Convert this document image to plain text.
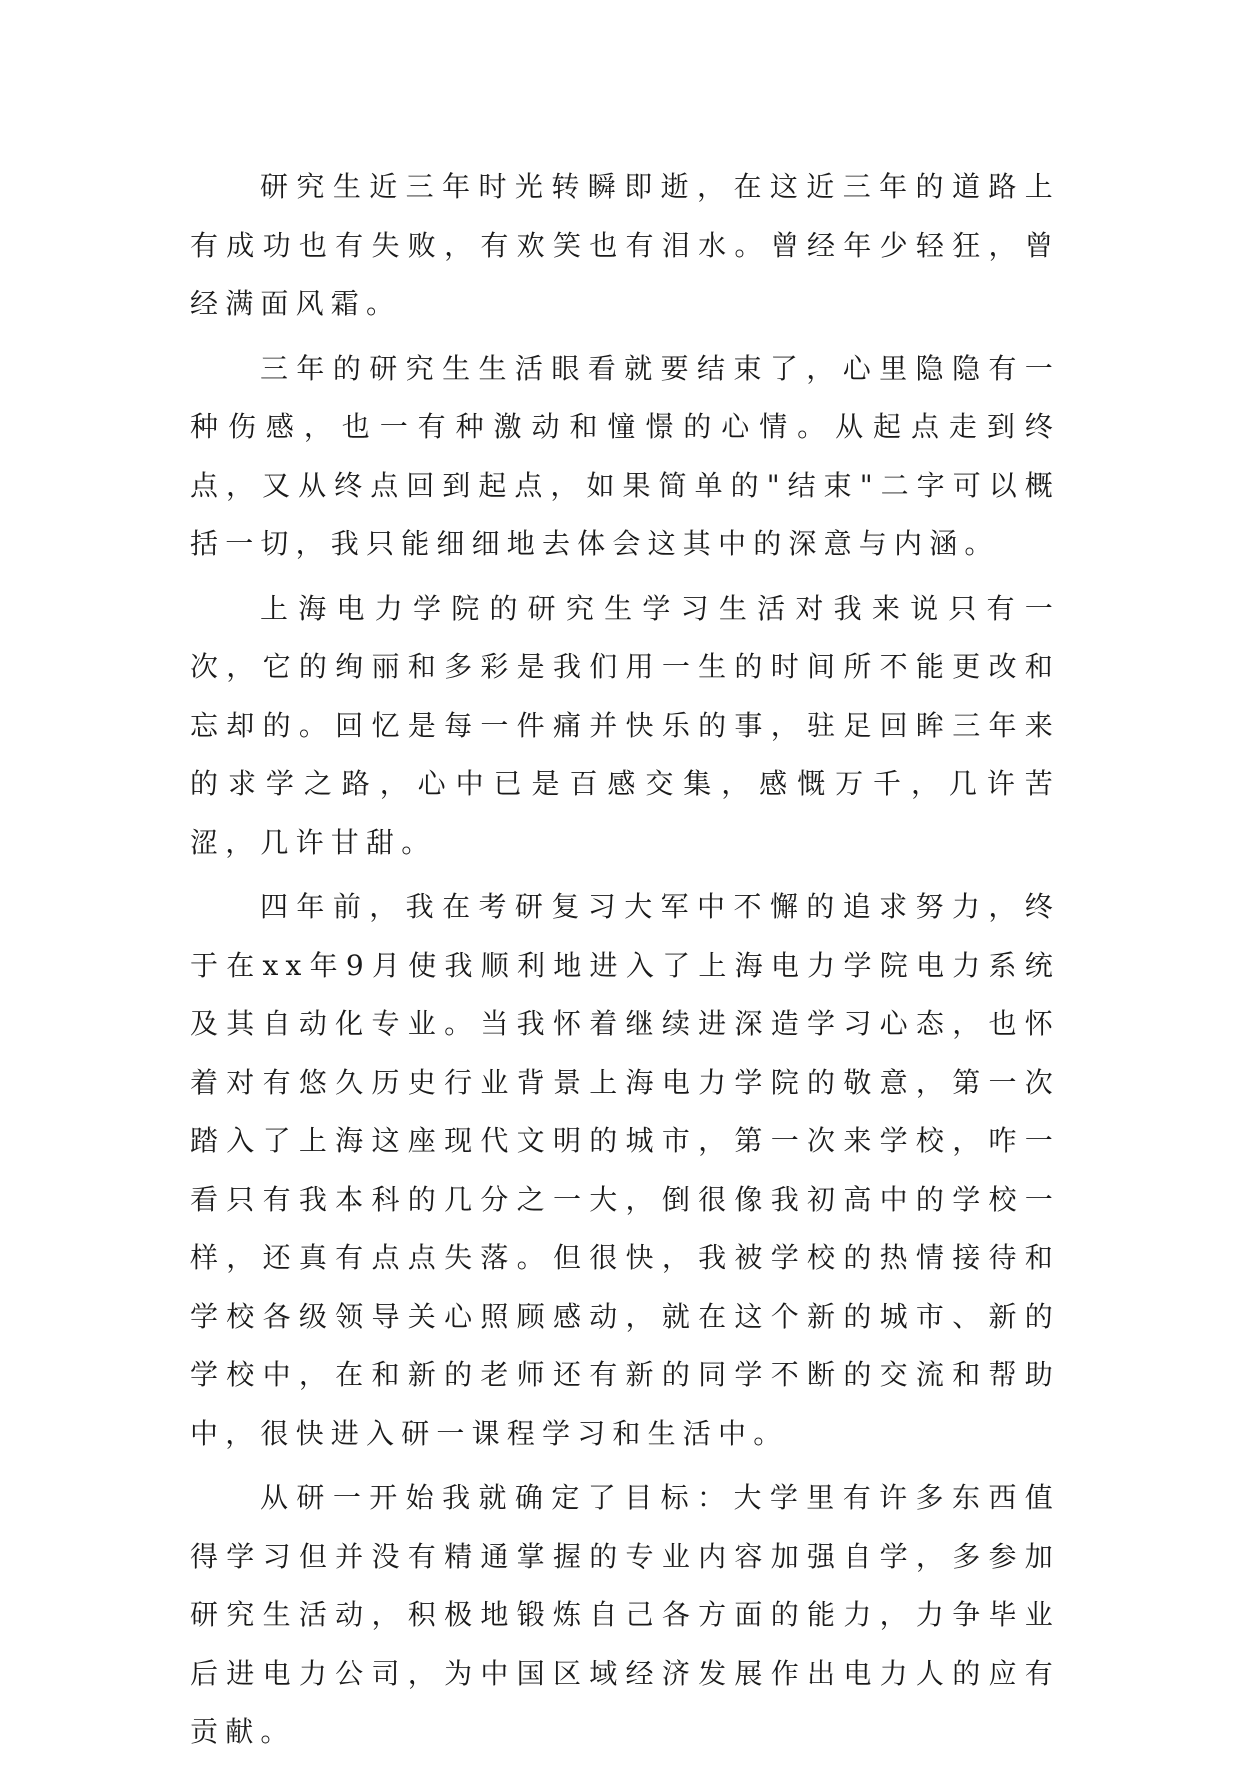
研究生近三年时光转瞬即逝，在这近三年的道路上有成功也有失败，有欢笑也有泪水。曾经年少轻狂，曾经满面风霜。

三年的研究生生活眼看就要结束了，心里隐隐有一种伤感，也一有种激动和憧憬的心情。从起点走到终点，又从终点回到起点，如果简单的"结束"二字可以概括一切，我只能细细地去体会这其中的深意与内涵。

上海电力学院的研究生学习生活对我来说只有一次，它的绚丽和多彩是我们用一生的时间所不能更改和忘却的。回忆是每一件痛并快乐的事，驻足回眸三年来的求学之路，心中已是百感交集，感慨万千，几许苦涩，几许甘甜。

四年前，我在考研复习大军中不懈的追求努力，终于在xx年9月使我顺利地进入了上海电力学院电力系统及其自动化专业。当我怀着继续进深造学习心态，也怀着对有悠久历史行业背景上海电力学院的敬意，第一次踏入了上海这座现代文明的城市，第一次来学校，咋一看只有我本科的几分之一大，倒很像我初高中的学校一样，还真有点点失落。但很快，我被学校的热情接待和学校各级领导关心照顾感动，就在这个新的城市、新的学校中，在和新的老师还有新的同学不断的交流和帮助中，很快进入研一课程学习和生活中。

从研一开始我就确定了目标：大学里有许多东西值得学习但并没有精通掌握的专业内容加强自学，多参加研究生活动，积极地锻炼自己各方面的能力，力争毕业后进电力公司，为中国区域经济发展作出电力人的应有贡献。
